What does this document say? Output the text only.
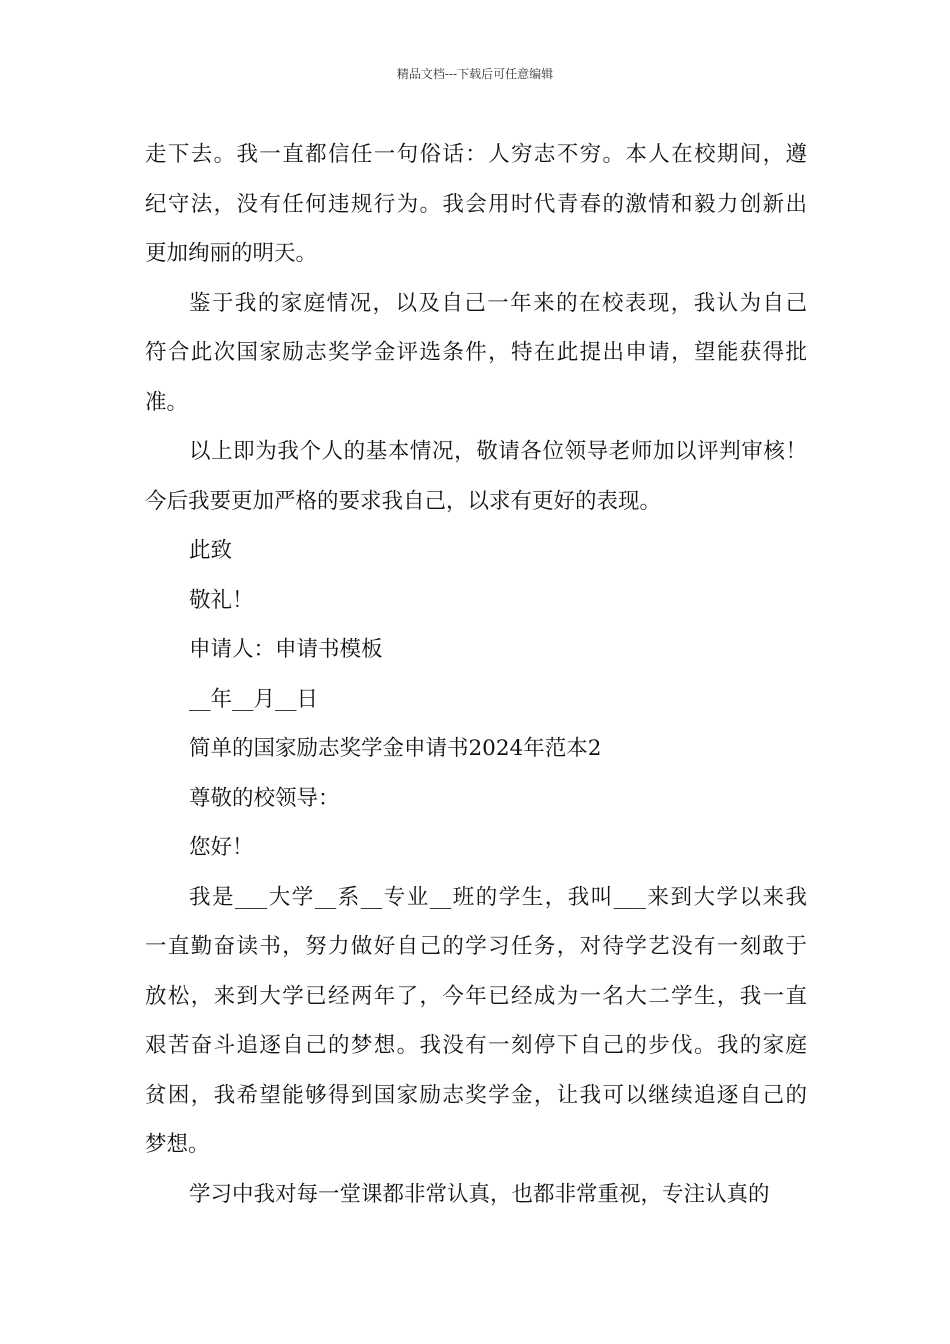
精品文档---下载后可任意编辑
走下去。我一直都信任一句俗话：人穷志不穷。本人在校期间，遵
纪守法，没有任何违规行为。我会用时代青春的激情和毅力创新出
更加绚丽的明天。
鉴于我的家庭情况，以及自己一年来的在校表现，我认为自己
符合此次国家励志奖学金评选条件，特在此提出申请，望能获得批
准。
以上即为我个人的基本情况，敬请各位领导老师加以评判审核！
今后我要更加严格的要求我自己，以求有更好的表现。
此致
敬礼！
申请人：申请书模板
__年__月__日
简单的国家励志奖学金申请书2024年范本2
尊敬的校领导：
您好！
我是___大学__系__专业__班的学生，我叫___来到大学以来我
一直勤奋读书，努力做好自己的学习任务，对待学艺没有一刻敢于
放松，来到大学已经两年了，今年已经成为一名大二学生，我一直
艰苦奋斗追逐自己的梦想。我没有一刻停下自己的步伐。我的家庭
贫困，我希望能够得到国家励志奖学金，让我可以继续追逐自己的
梦想。
学习中我对每一堂课都非常认真，也都非常重视，专注认真的
